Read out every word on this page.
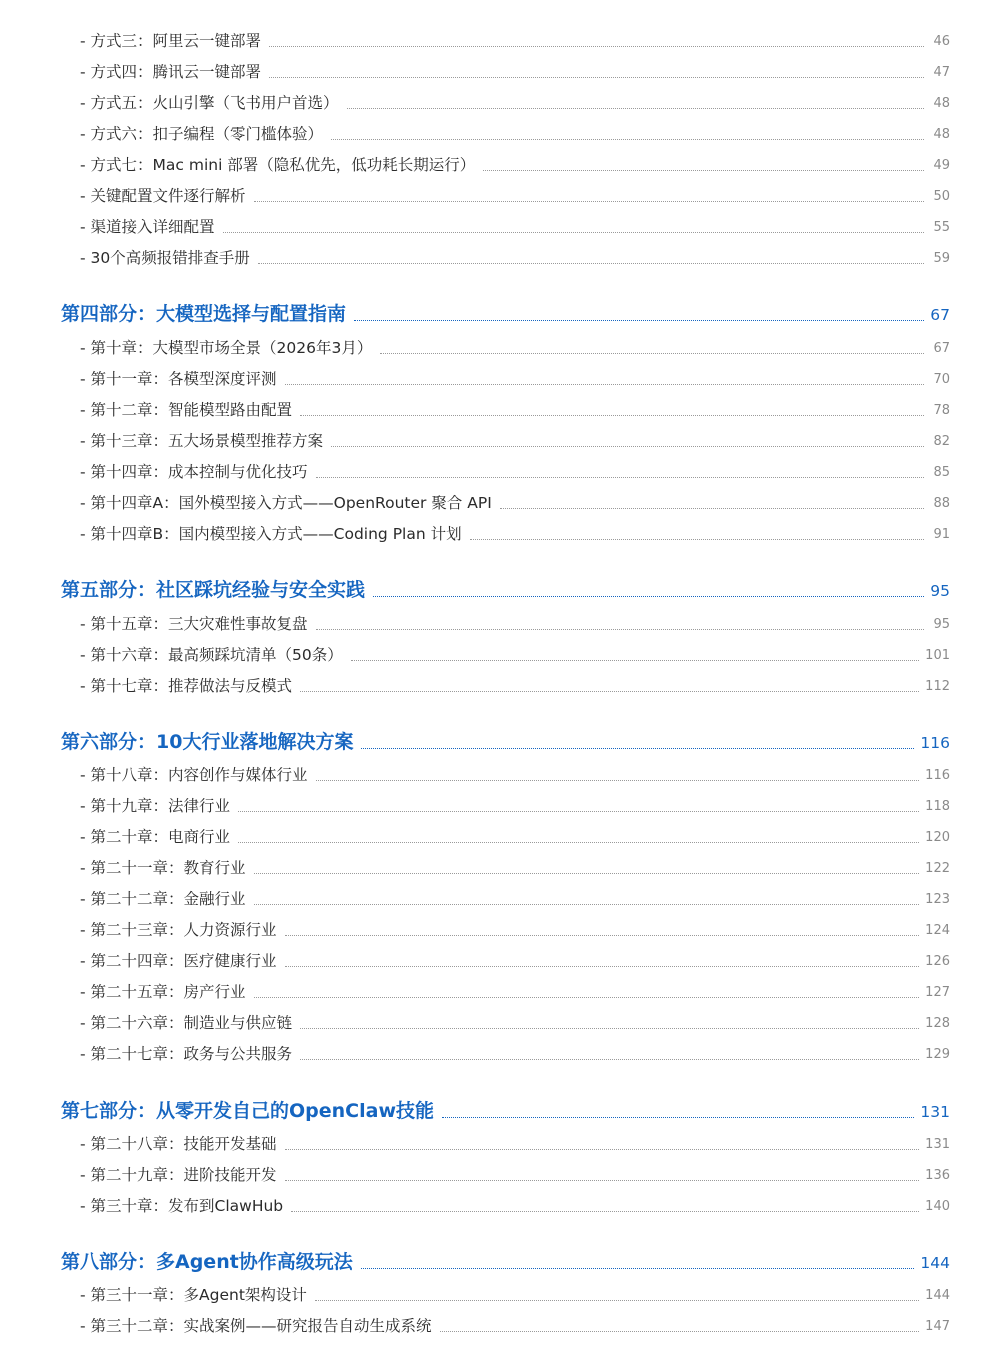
- 方式三：阿里云一键部署	46
- 方式四：腾讯云一键部署	47
- 方式五：火山引擎（飞书用户首选）	48
- 方式六：扣子编程（零门槛体验）	48
- 方式七：Mac mini 部署（隐私优先，低功耗长期运行）	49
- 关键配置文件逐行解析	50
- 渠道接入详细配置	55
- 30个高频报错排查手册	59
第四部分：大模型选择与配置指南	67
- 第十章：大模型市场全景（2026年3月）	67
- 第十一章：各模型深度评测	70
- 第十二章：智能模型路由配置	78
- 第十三章：五大场景模型推荐方案	82
- 第十四章：成本控制与优化技巧	85
- 第十四章A：国外模型接入方式——OpenRouter 聚合 API	88
- 第十四章B：国内模型接入方式——Coding Plan 计划	91
第五部分：社区踩坑经验与安全实践	95
- 第十五章：三大灾难性事故复盘	95
- 第十六章：最高频踩坑清单（50条）	101
- 第十七章：推荐做法与反模式	112
第六部分：10大行业落地解决方案	116
- 第十八章：内容创作与媒体行业	116
- 第十九章：法律行业	118
- 第二十章：电商行业	120
- 第二十一章：教育行业	122
- 第二十二章：金融行业	123
- 第二十三章：人力资源行业	124
- 第二十四章：医疗健康行业	126
- 第二十五章：房产行业	127
- 第二十六章：制造业与供应链	128
- 第二十七章：政务与公共服务	129
第七部分：从零开发自己的OpenClaw技能	131
- 第二十八章：技能开发基础	131
- 第二十九章：进阶技能开发	136
- 第三十章：发布到ClawHub	140
第八部分：多Agent协作高级玩法	144
- 第三十一章：多Agent架构设计	144
- 第三十二章：实战案例——研究报告自动生成系统	147
